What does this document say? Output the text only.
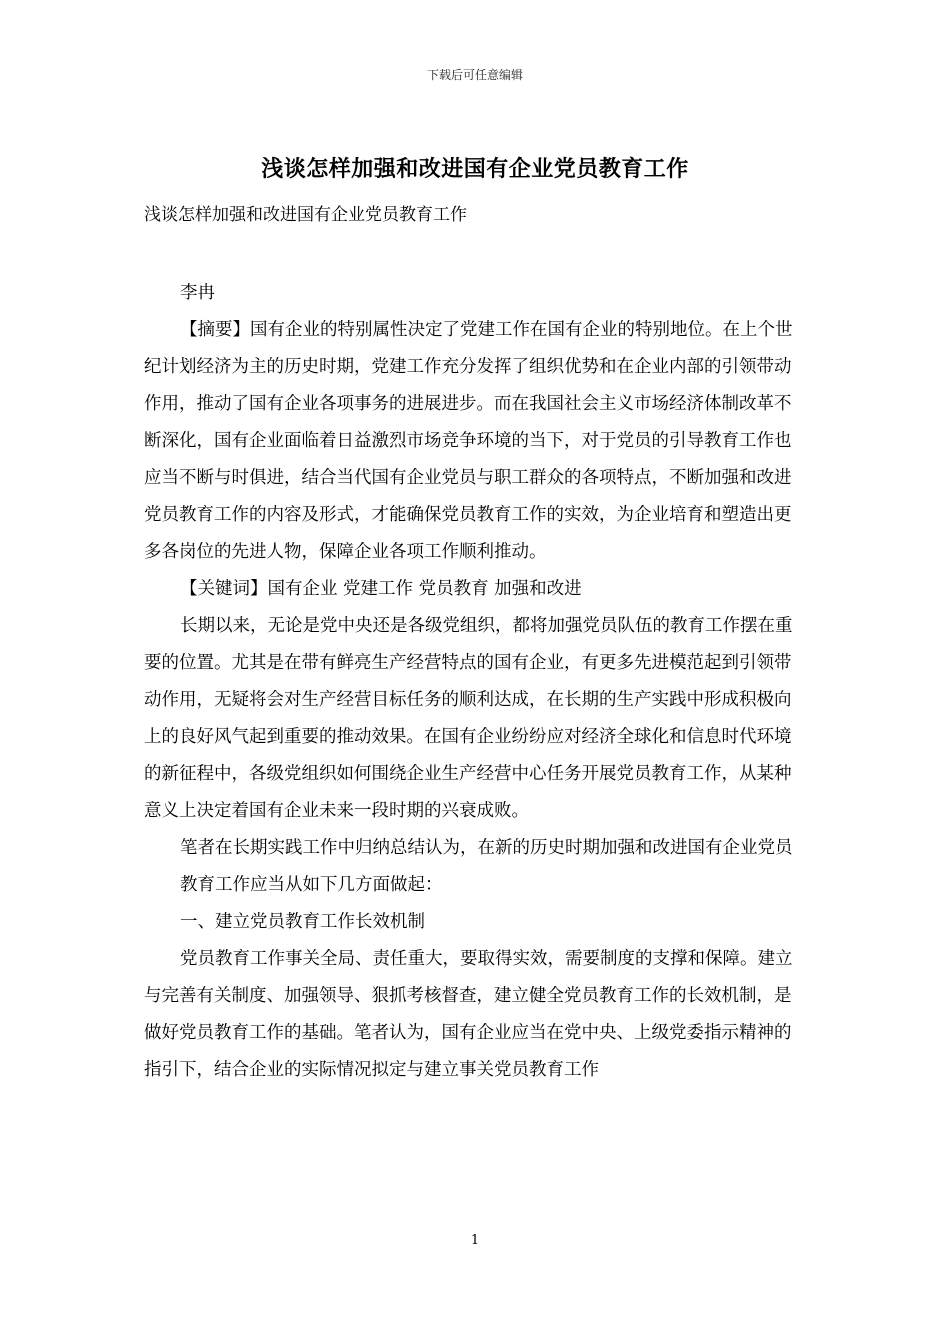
下载后可任意编辑
浅谈怎样加强和改进国有企业党员教育工作
浅谈怎样加强和改进国有企业党员教育工作

李冉

【摘要】国有企业的特别属性决定了党建工作在国有企业的特别地位。在上个世纪计划经济为主的历史时期，党建工作充分发挥了组织优势和在企业内部的引领带动作用，推动了国有企业各项事务的进展进步。而在我国社会主义市场经济体制改革不断深化，国有企业面临着日益激烈市场竞争环境的当下，对于党员的引导教育工作也应当不断与时俱进，结合当代国有企业党员与职工群众的各项特点，不断加强和改进党员教育工作的内容及形式，才能确保党员教育工作的实效，为企业培育和塑造出更多各岗位的先进人物，保障企业各项工作顺利推动。

【关键词】国有企业 党建工作 党员教育 加强和改进

长期以来，无论是党中央还是各级党组织，都将加强党员队伍的教育工作摆在重要的位置。尤其是在带有鲜亮生产经营特点的国有企业，有更多先进模范起到引领带动作用，无疑将会对生产经营目标任务的顺利达成，在长期的生产实践中形成积极向上的良好风气起到重要的推动效果。在国有企业纷纷应对经济全球化和信息时代环境的新征程中，各级党组织如何围绕企业生产经营中心任务开展党员教育工作，从某种意义上决定着国有企业未来一段时期的兴衰成败。

笔者在长期实践工作中归纳总结认为，在新的历史时期加强和改进国有企业党员

教育工作应当从如下几方面做起：

一、建立党员教育工作长效机制

党员教育工作事关全局、责任重大，要取得实效，需要制度的支撑和保障。建立与完善有关制度、加强领导、狠抓考核督查，建立健全党员教育工作的长效机制，是做好党员教育工作的基础。笔者认为，国有企业应当在党中央、上级党委指示精神的指引下，结合企业的实际情况拟定与建立事关党员教育工作

1
